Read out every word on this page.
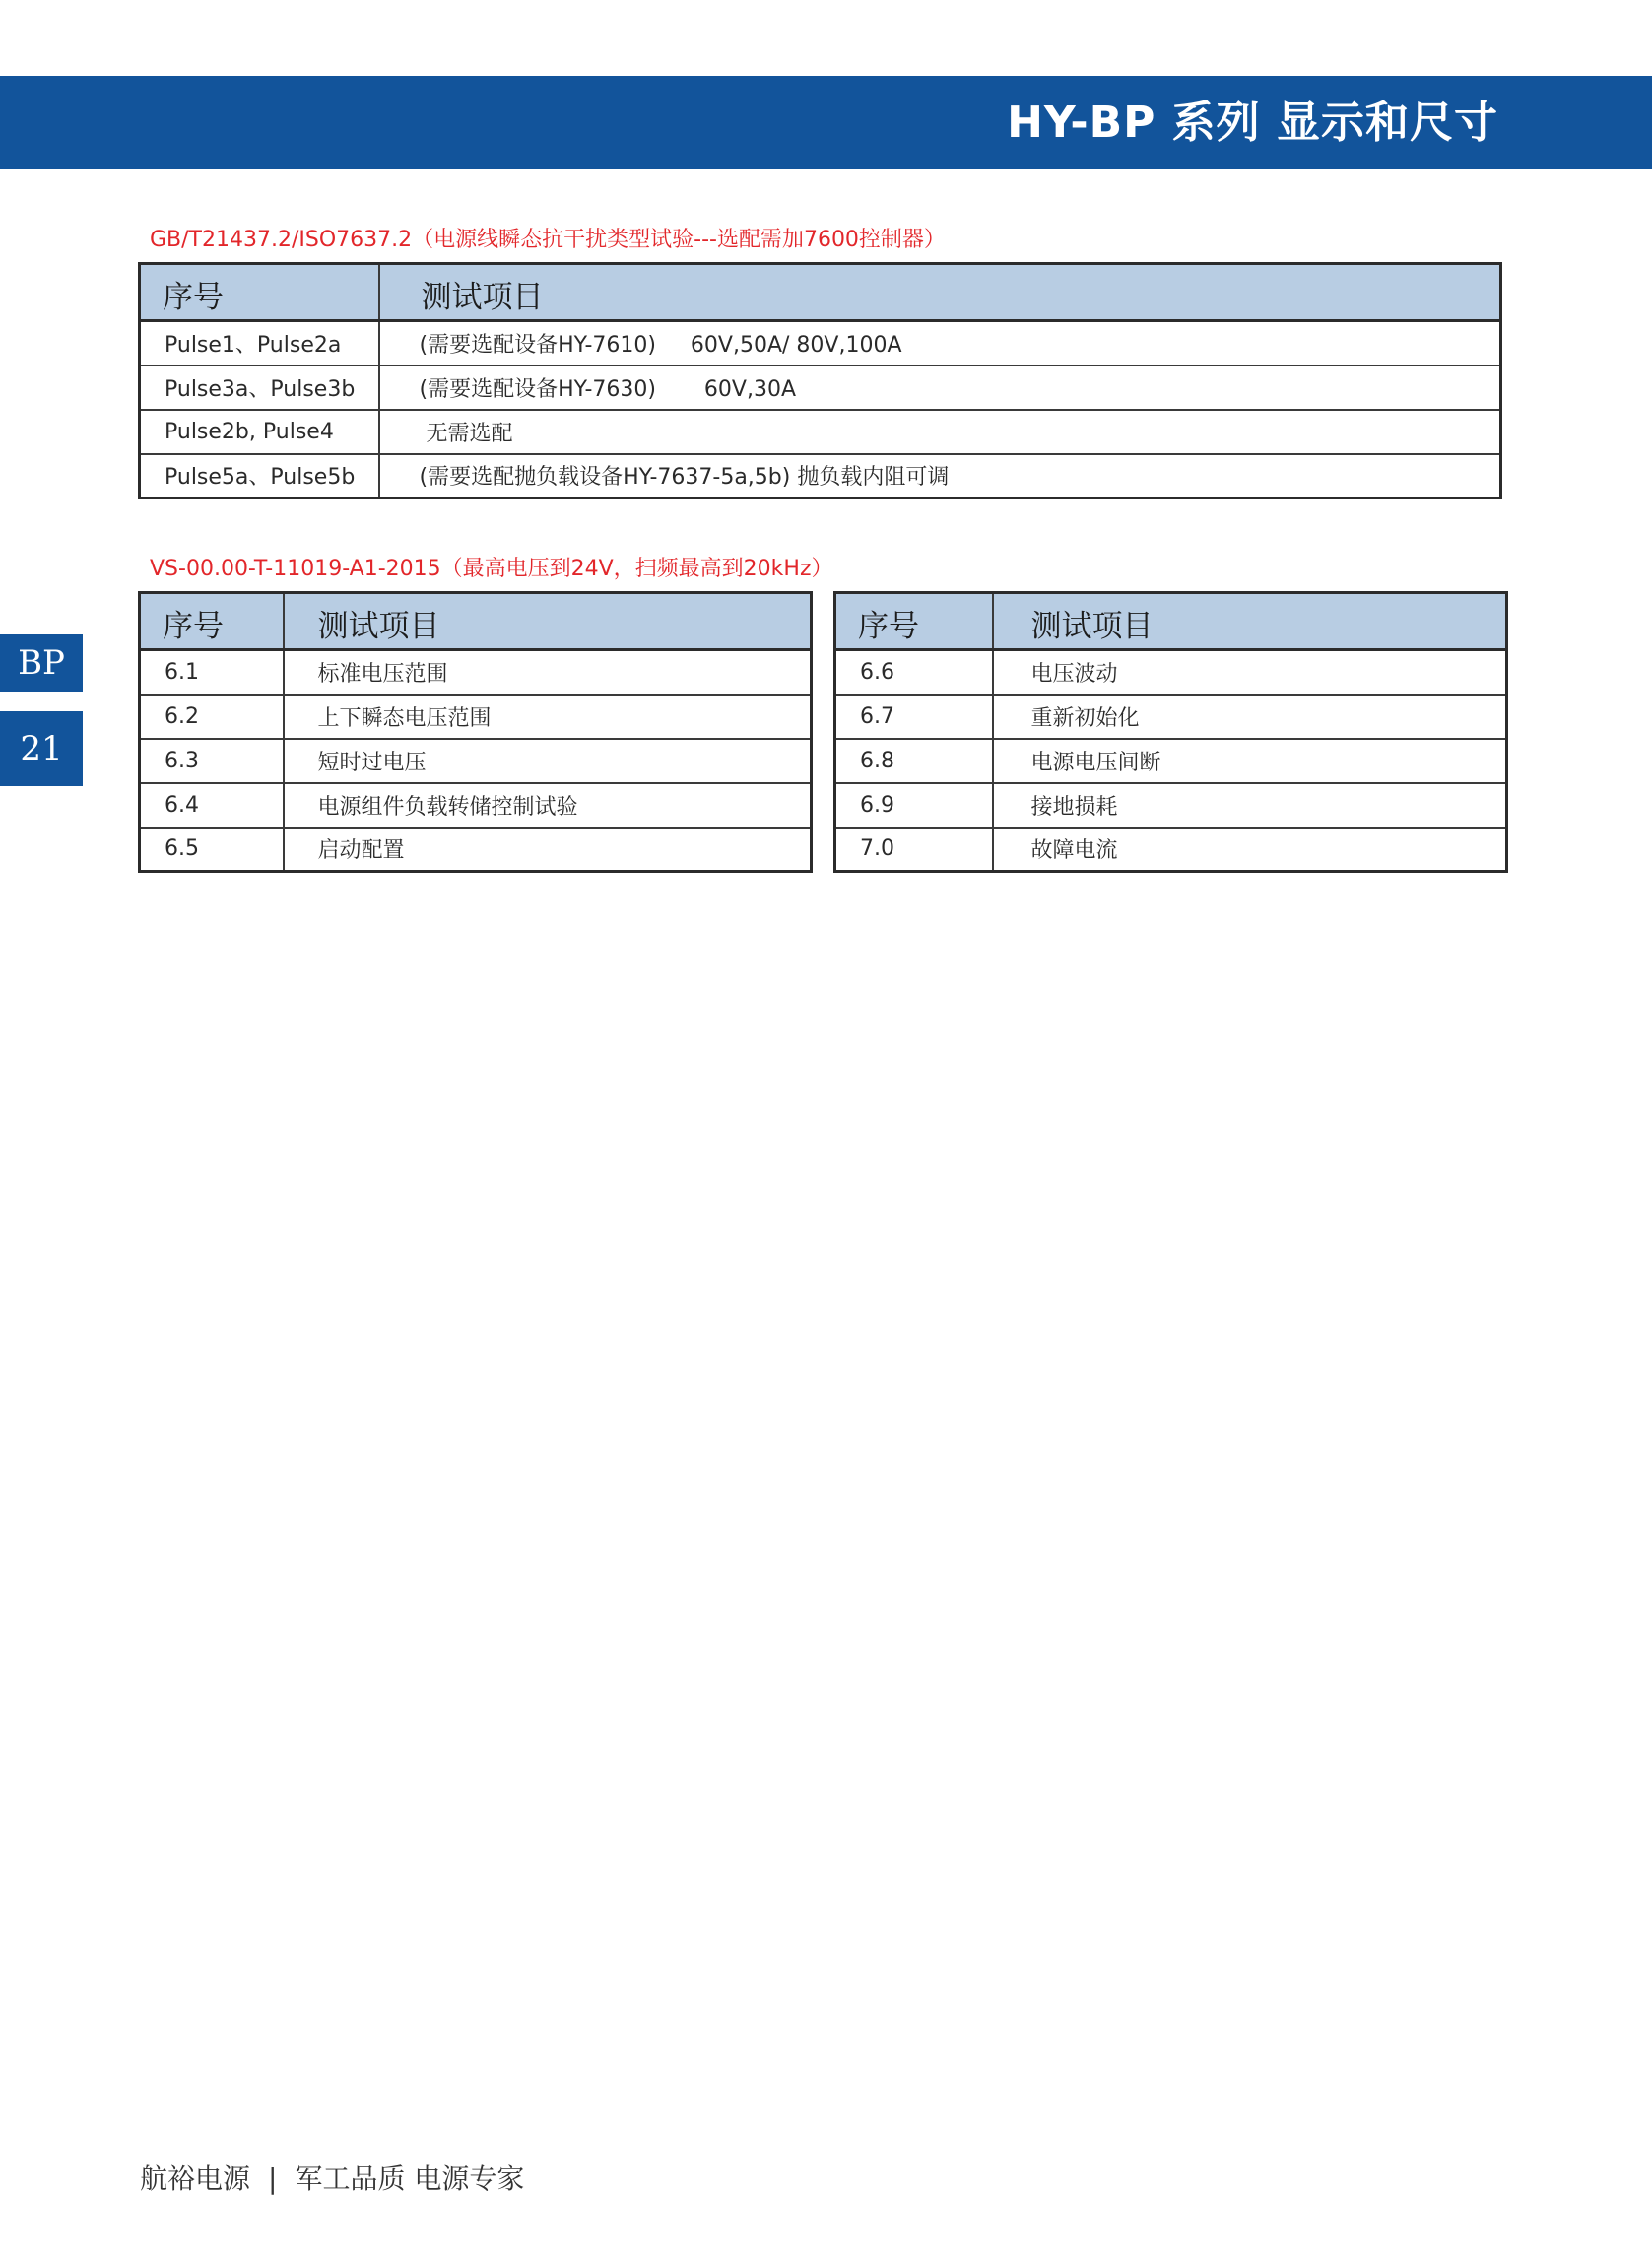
HY-BP 系列 显示和尺寸
GB/T21437.2/ISO7637.2（电源线瞬态抗干扰类型试验---选配需加7600控制器）
序号	测试项目
Pulse1、Pulse2a	(需要选配设备HY-7610)     60V,50A/ 80V,100A
Pulse3a、Pulse3b	(需要选配设备HY-7630)       60V,30A
Pulse2b, Pulse4	无需选配
Pulse5a、Pulse5b	(需要选配抛负载设备HY-7637-5a,5b) 抛负载内阻可调
VS-00.00-T-11019-A1-2015（最高电压到24V，扫频最高到20kHz）
序号	测试项目
6.1	标准电压范围
6.2	上下瞬态电压范围
6.3	短时过电压
6.4	电源组件负载转储控制试验
6.5	启动配置
序号	测试项目
6.6	电压波动
6.7	重新初始化
6.8	电源电压间断
6.9	接地损耗
7.0	故障电流
BP
21
航裕电源 | 军工品质 电源专家
